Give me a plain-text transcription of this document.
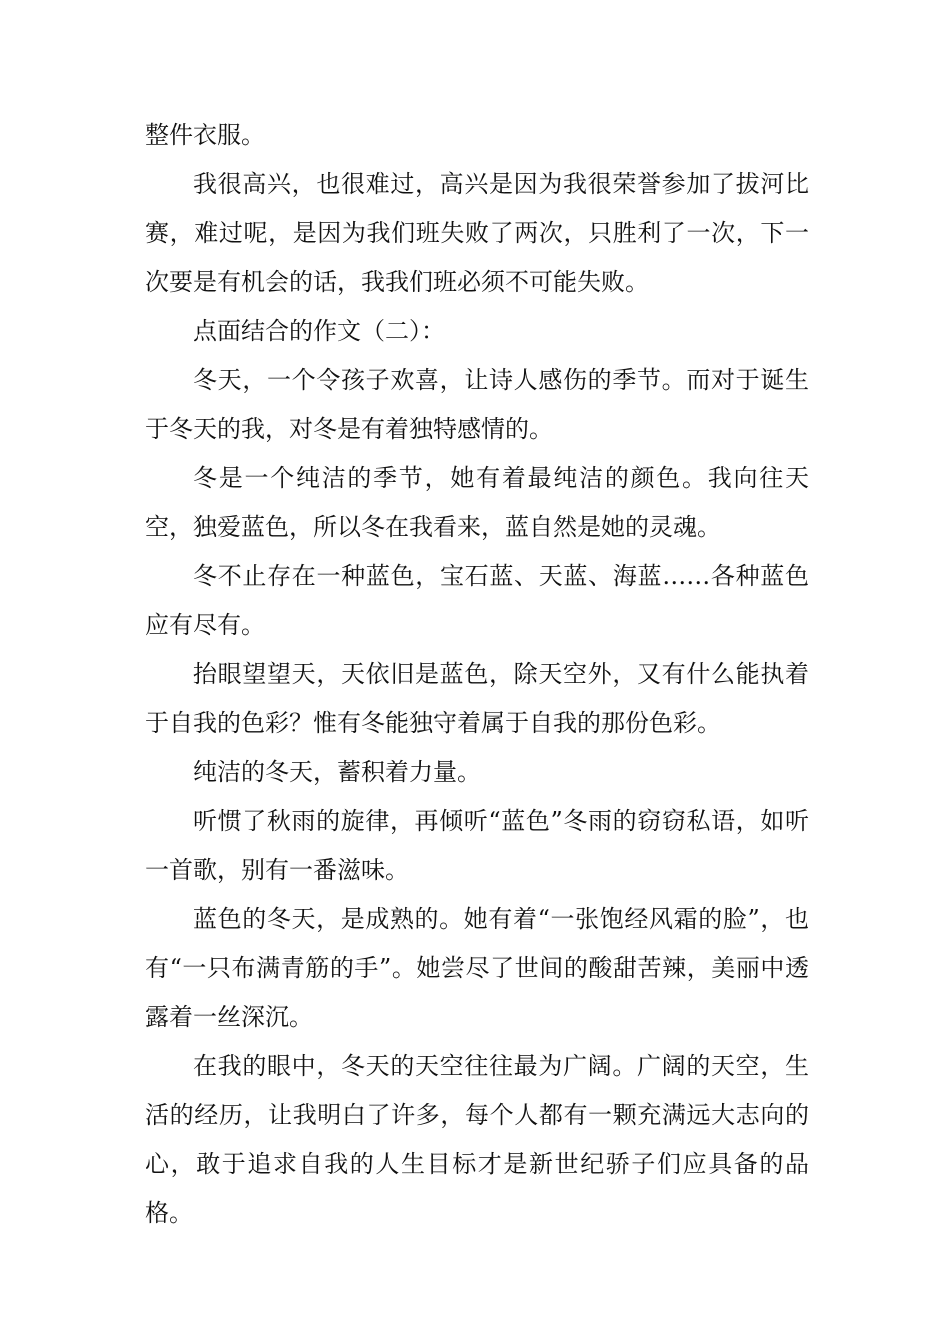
整件衣服。

我很高兴，也很难过，高兴是因为我很荣誉参加了拔河比赛，难过呢，是因为我们班失败了两次，只胜利了一次，下一次要是有机会的话，我我们班必须不可能失败。

点面结合的作文（二）：

冬天，一个令孩子欢喜，让诗人感伤的季节。而对于诞生于冬天的我，对冬是有着独特感情的。

冬是一个纯洁的季节，她有着最纯洁的颜色。我向往天空，独爱蓝色，所以冬在我看来，蓝自然是她的灵魂。

冬不止存在一种蓝色，宝石蓝、天蓝、海蓝……各种蓝色应有尽有。

抬眼望望天，天依旧是蓝色，除天空外，又有什么能执着于自我的色彩？惟有冬能独守着属于自我的那份色彩。

纯洁的冬天，蓄积着力量。

听惯了秋雨的旋律，再倾听“蓝色”冬雨的窃窃私语，如听一首歌，别有一番滋味。

蓝色的冬天，是成熟的。她有着“一张饱经风霜的脸”，也有“一只布满青筋的手”。她尝尽了世间的酸甜苦辣，美丽中透露着一丝深沉。

在我的眼中，冬天的天空往往最为广阔。广阔的天空，生活的经历，让我明白了许多，每个人都有一颗充满远大志向的心，敢于追求自我的人生目标才是新世纪骄子们应具备的品格。
